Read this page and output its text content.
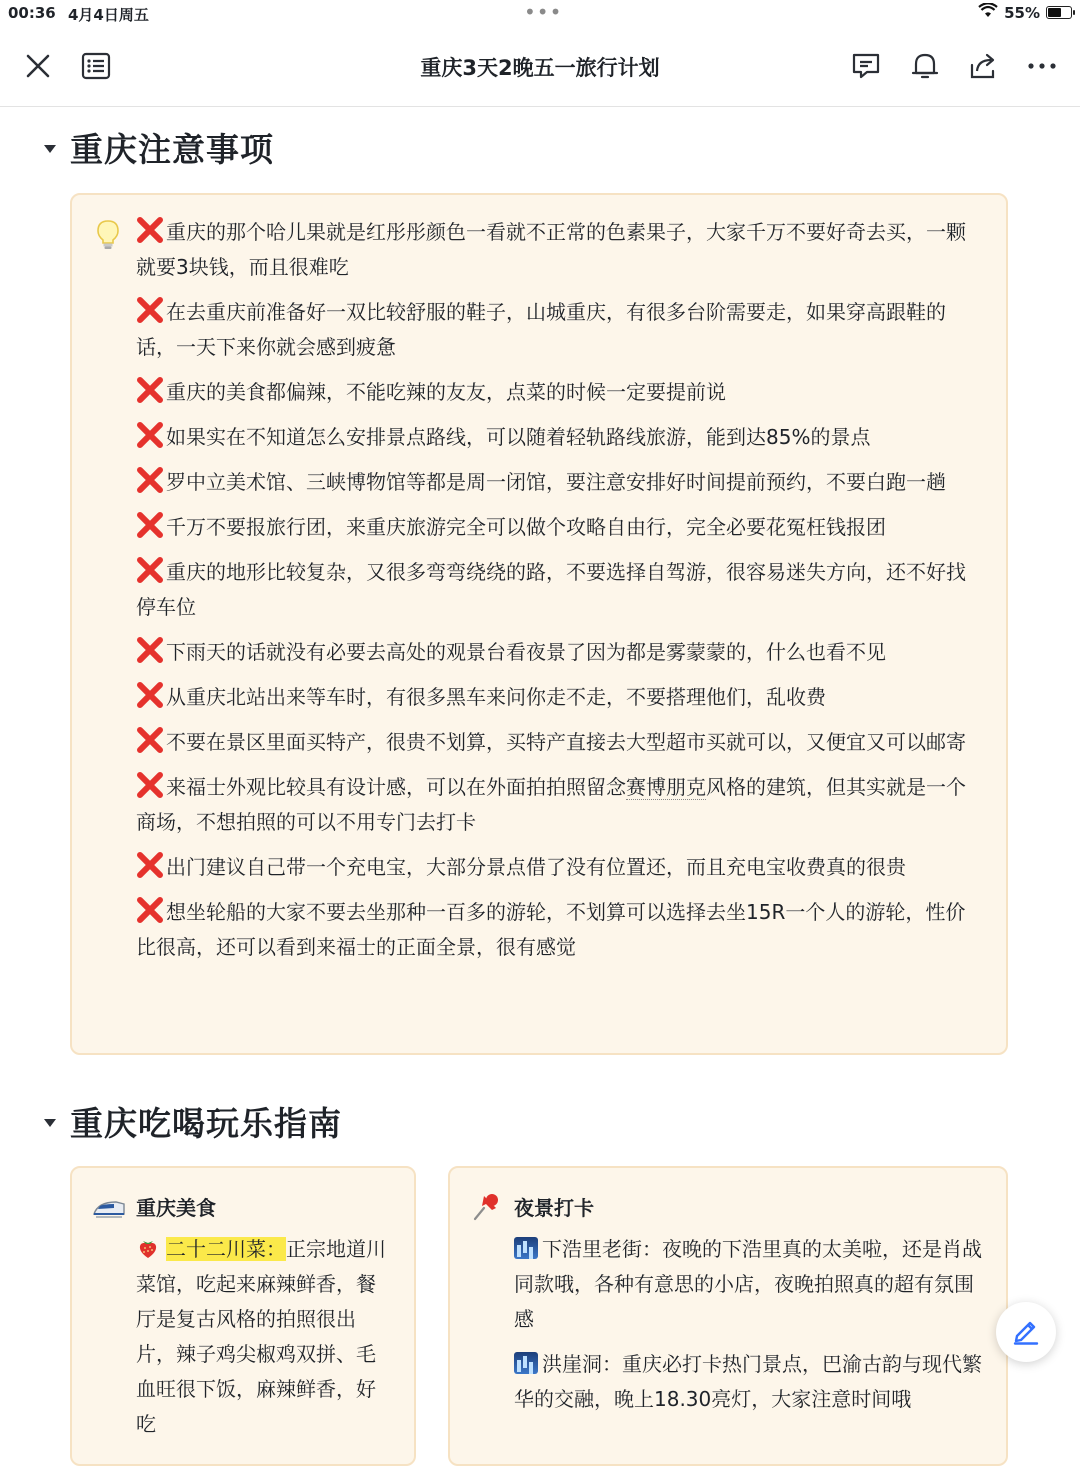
00:36 4月4日周五	•••	55%
重庆3天2晚五一旅行计划
重庆注意事项
重庆的那个哈儿果就是红彤彤颜色一看就不正常的色素果子，大家千万不要好奇去买，一颗就要3块钱，而且很难吃
在去重庆前准备好一双比较舒服的鞋子，山城重庆，有很多台阶需要走，如果穿高跟鞋的话，一天下来你就会感到疲惫
重庆的美食都偏辣，不能吃辣的友友，点菜的时候一定要提前说
如果实在不知道怎么安排景点路线，可以随着轻轨路线旅游，能到达85%的景点
罗中立美术馆、三峡博物馆等都是周一闭馆，要注意安排好时间提前预约，不要白跑一趟
千万不要报旅行团，来重庆旅游完全可以做个攻略自由行，完全必要花冤枉钱报团
重庆的地形比较复杂，又很多弯弯绕绕的路，不要选择自驾游，很容易迷失方向，还不好找停车位
下雨天的话就没有必要去高处的观景台看夜景了因为都是雾蒙蒙的，什么也看不见
从重庆北站出来等车时，有很多黑车来问你走不走，不要搭理他们，乱收费
不要在景区里面买特产，很贵不划算，买特产直接去大型超市买就可以，又便宜又可以邮寄
来福士外观比较具有设计感，可以在外面拍拍照留念赛博朋克风格的建筑，但其实就是一个商场，不想拍照的可以不用专门去打卡
出门建议自己带一个充电宝，大部分景点借了没有位置还，而且充电宝收费真的很贵
想坐轮船的大家不要去坐那种一百多的游轮，不划算可以选择去坐15R一个人的游轮，性价比很高，还可以看到来福士的正面全景，很有感觉
重庆吃喝玩乐指南
重庆美食
二十二川菜：正宗地道川菜馆，吃起来麻辣鲜香，餐厅是复古风格的拍照很出片，辣子鸡尖椒鸡双拼、毛血旺很下饭，麻辣鲜香，好吃
夜景打卡
下浩里老街：夜晚的下浩里真的太美啦，还是肖战同款哦，各种有意思的小店，夜晚拍照真的超有氛围感
洪崖洞：重庆必打卡热门景点，巴渝古韵与现代繁华的交融，晚上18.30亮灯，大家注意时间哦
